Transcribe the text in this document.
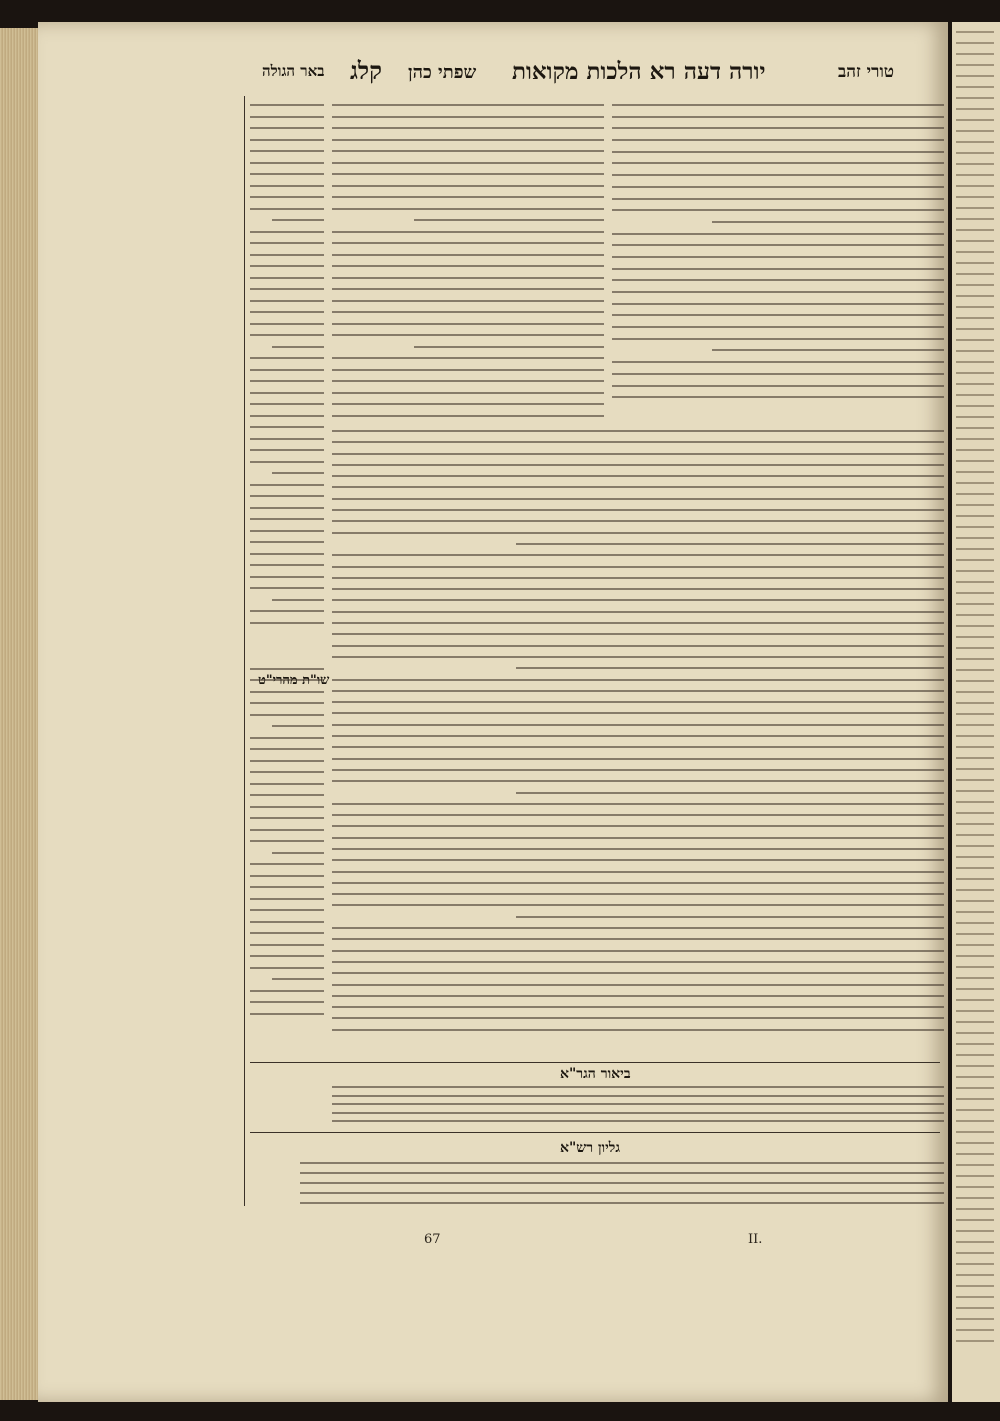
באר הגולה	שפתי כהן
קלג	יורה דעה רא הלכות מקואות	טורי זהב
שו"ת מהרי"ט
ביאור הגר"א
גליון רש"א
67	II.
